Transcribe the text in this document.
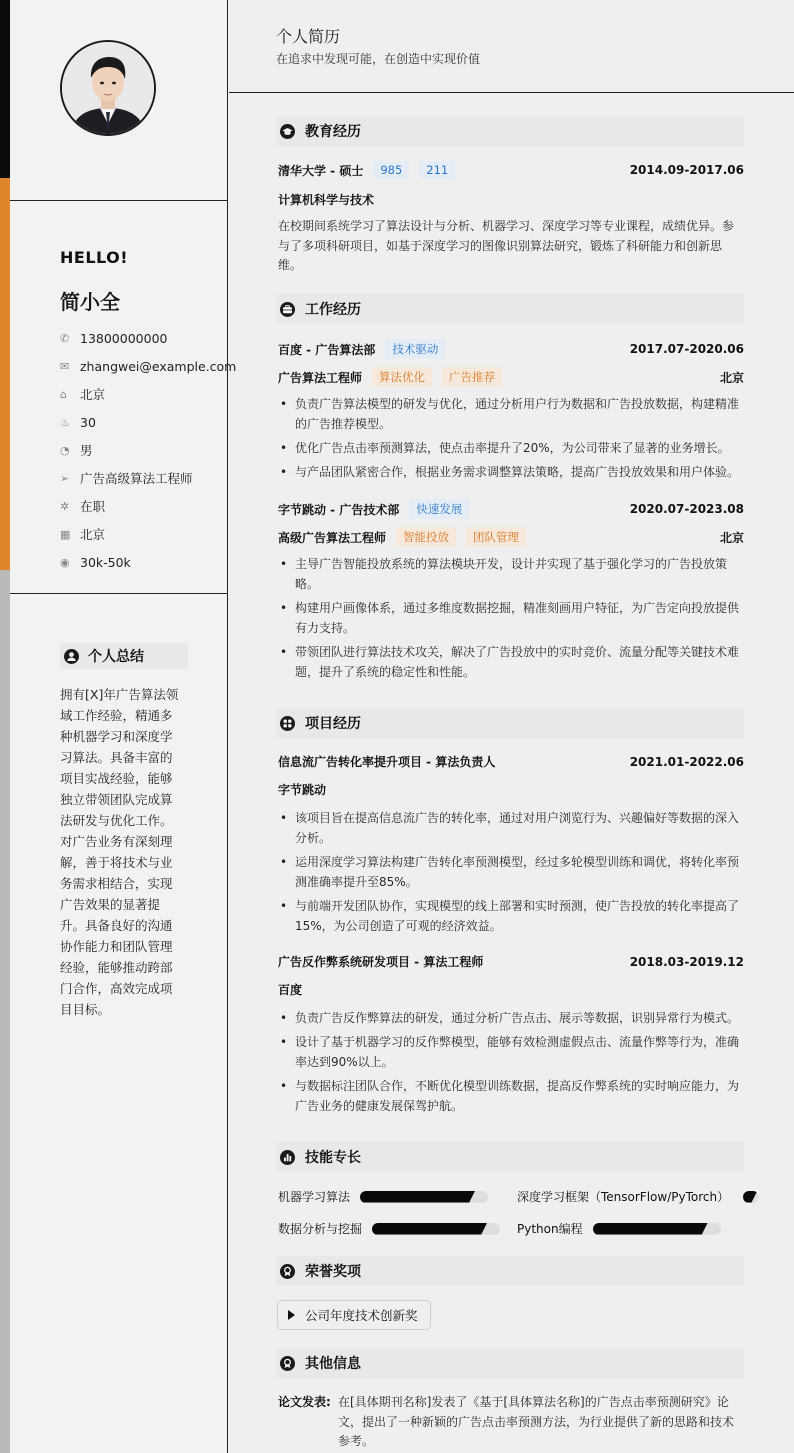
HELLO!
简小全
✆ 13800000000
✉ zhangwei@example.com
⌂	北京
♨ 30
◔ 男
➢ 广告高级算法工程师
✲ 在职
▦ 北京
◉ 30k-50k
个人总结
拥有[X]年广告算法领域工作经验，精通多种机器学习和深度学习算法。具备丰富的项目实战经验，能够独立带领团队完成算法研发与优化工作。对广告业务有深刻理解，善于将技术与业务需求相结合，实现广告效果的显著提升。具备良好的沟通协作能力和团队管理经验，能够推动跨部门合作，高效完成项目目标。
个人简历
在追求中发现可能，在创造中实现价值
教育经历
清华大学 - 硕士	985	211	2014.09-2017.06
计算机科学与技术
在校期间系统学习了算法设计与分析、机器学习、深度学习等专业课程，成绩优异。参与了多项科研项目，如基于深度学习的图像识别算法研究，锻炼了科研能力和创新思维。
工作经历
百度 - 广告算法部	技术驱动	2017.07-2020.06
广告算法工程师	算法优化	广告推荐	北京
• 负责广告算法模型的研发与优化，通过分析用户行为数据和广告投放数据，构建精准的广告推荐模型。
• 优化广告点击率预测算法，使点击率提升了20%，为公司带来了显著的业务增长。
• 与产品团队紧密合作，根据业务需求调整算法策略，提高广告投放效果和用户体验。
字节跳动 - 广告技术部	快速发展	2020.07-2023.08
高级广告算法工程师	智能投放	团队管理	北京
• 主导广告智能投放系统的算法模块开发，设计并实现了基于强化学习的广告投放策略。
• 构建用户画像体系，通过多维度数据挖掘，精准刻画用户特征，为广告定向投放提供有力支持。
• 带领团队进行算法技术攻关，解决了广告投放中的实时竞价、流量分配等关键技术难题，提升了系统的稳定性和性能。
项目经历
信息流广告转化率提升项目 - 算法负责人	2021.01-2022.06
字节跳动
• 该项目旨在提高信息流广告的转化率，通过对用户浏览行为、兴趣偏好等数据的深入分析。
• 运用深度学习算法构建广告转化率预测模型，经过多轮模型训练和调优，将转化率预测准确率提升至85%。
• 与前端开发团队协作，实现模型的线上部署和实时预测，使广告投放的转化率提高了15%，为公司创造了可观的经济效益。
广告反作弊系统研发项目 - 算法工程师	2018.03-2019.12
百度
• 负责广告反作弊算法的研发，通过分析广告点击、展示等数据，识别异常行为模式。
• 设计了基于机器学习的反作弊模型，能够有效检测虚假点击、流量作弊等行为，准确率达到90%以上。
• 与数据标注团队合作，不断优化模型训练数据，提高反作弊系统的实时响应能力，为广告业务的健康发展保驾护航。
技能专长
机器学习算法	深度学习框架（TensorFlow/PyTorch）
数据分析与挖掘	Python编程
荣誉奖项
公司年度技术创新奖
其他信息
论文发表: 在[具体期刊名称]发表了《基于[具体算法名称]的广告点击率预测研究》论文，提出了一种新颖的广告点击率预测方法，为行业提供了新的思路和技术参考。
